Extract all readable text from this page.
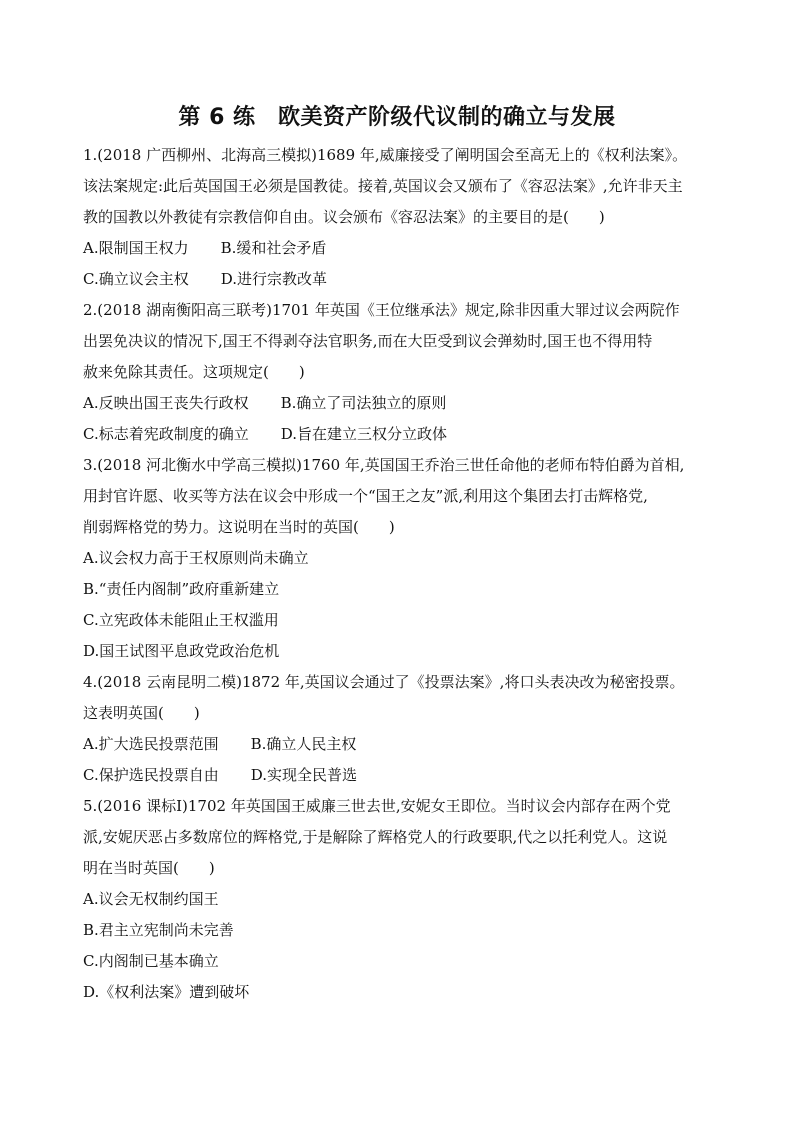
第 6 练　欧美资产阶级代议制的确立与发展
1.(2018 广西柳州、北海高三模拟)1689 年,威廉接受了阐明国会至高无上的《权利法案》。
该法案规定:此后英国国王必须是国教徒。接着,英国议会又颁布了《容忍法案》,允许非天主
教的国教以外教徒有宗教信仰自由。议会颁布《容忍法案》的主要目的是(　　)
A.限制国王权力 B.缓和社会矛盾
C.确立议会主权 D.进行宗教改革
2.(2018 湖南衡阳高三联考)1701 年英国《王位继承法》规定,除非因重大罪过议会两院作
出罢免决议的情况下,国王不得剥夺法官职务,而在大臣受到议会弹劾时,国王也不得用特
赦来免除其责任。这项规定(　　)
A.反映出国王丧失行政权 B.确立了司法独立的原则
C.标志着宪政制度的确立 D.旨在建立三权分立政体
3.(2018 河北衡水中学高三模拟)1760 年,英国国王乔治三世任命他的老师布特伯爵为首相,
用封官许愿、收买等方法在议会中形成一个“国王之友”派,利用这个集团去打击辉格党,
削弱辉格党的势力。这说明在当时的英国(　　)
A.议会权力高于王权原则尚未确立
B.“责任内阁制”政府重新建立
C.立宪政体未能阻止王权滥用
D.国王试图平息政党政治危机
4.(2018 云南昆明二模)1872 年,英国议会通过了《投票法案》,将口头表决改为秘密投票。
这表明英国(　　)
A.扩大选民投票范围 B.确立人民主权
C.保护选民投票自由 D.实现全民普选
5.(2016 课标Ⅰ)1702 年英国国王威廉三世去世,安妮女王即位。当时议会内部存在两个党
派,安妮厌恶占多数席位的辉格党,于是解除了辉格党人的行政要职,代之以托利党人。这说
明在当时英国(　　)
A.议会无权制约国王
B.君主立宪制尚未完善
C.内阁制已基本确立
D.《权利法案》遭到破坏
